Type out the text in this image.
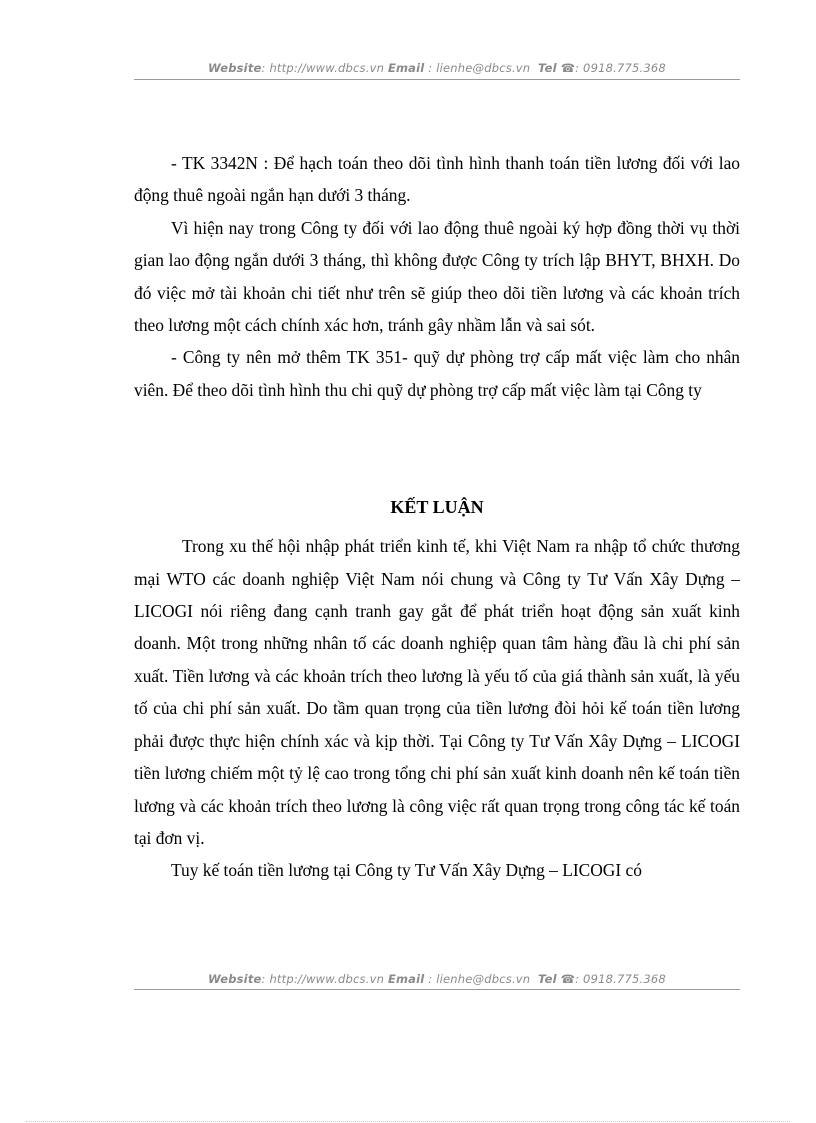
Website: http://www.dbcs.vn Email : lienhe@dbcs.vn Tel ☎: 0918.775.368

- TK 3342N : Để hạch toán theo dõi tình hình thanh toán tiền lương đối với lao động thuê ngoài ngắn hạn dưới 3 tháng.

Vì hiện nay trong Công ty đối với lao động thuê ngoài ký hợp đồng thời vụ thời gian lao động ngắn dưới 3 tháng, thì không được Công ty trích lập BHYT, BHXH. Do đó việc mở tài khoản chi tiết như trên sẽ giúp theo dõi tiền lương và các khoản trích theo lương một cách chính xác hơn, tránh gây nhầm lẫn và sai sót.

- Công ty nên mở thêm TK 351- quỹ dự phòng trợ cấp mất việc làm cho nhân viên. Để theo dõi tình hình thu chi quỹ dự phòng trợ cấp mất việc làm tại Công ty

KẾT LUẬN

Trong xu thế hội nhập phát triển kinh tế, khi Việt Nam ra nhập tổ chức thương mại WTO các doanh nghiệp Việt Nam nói chung và Công ty Tư Vấn Xây Dựng – LICOGI nói riêng đang cạnh tranh gay gắt để phát triển hoạt động sản xuất kinh doanh. Một trong những nhân tố các doanh nghiệp quan tâm hàng đầu là chi phí sản xuất. Tiền lương và các khoản trích theo lương là yếu tố của giá thành sản xuất, là yếu tố của chi phí sản xuất. Do tầm quan trọng của tiền lương đòi hỏi kế toán tiền lương phải được thực hiện chính xác và kịp thời. Tại Công ty Tư Vấn Xây Dựng – LICOGI tiền lương chiếm một tỷ lệ cao trong tổng chi phí sản xuất kinh doanh nên kế toán tiền lương và các khoản trích theo lương là công việc rất quan trọng trong công tác kế toán tại đơn vị.

Tuy kế toán tiền lương tại Công ty Tư Vấn Xây Dựng – LICOGI có

Website: http://www.dbcs.vn Email : lienhe@dbcs.vn Tel ☎: 0918.775.368
